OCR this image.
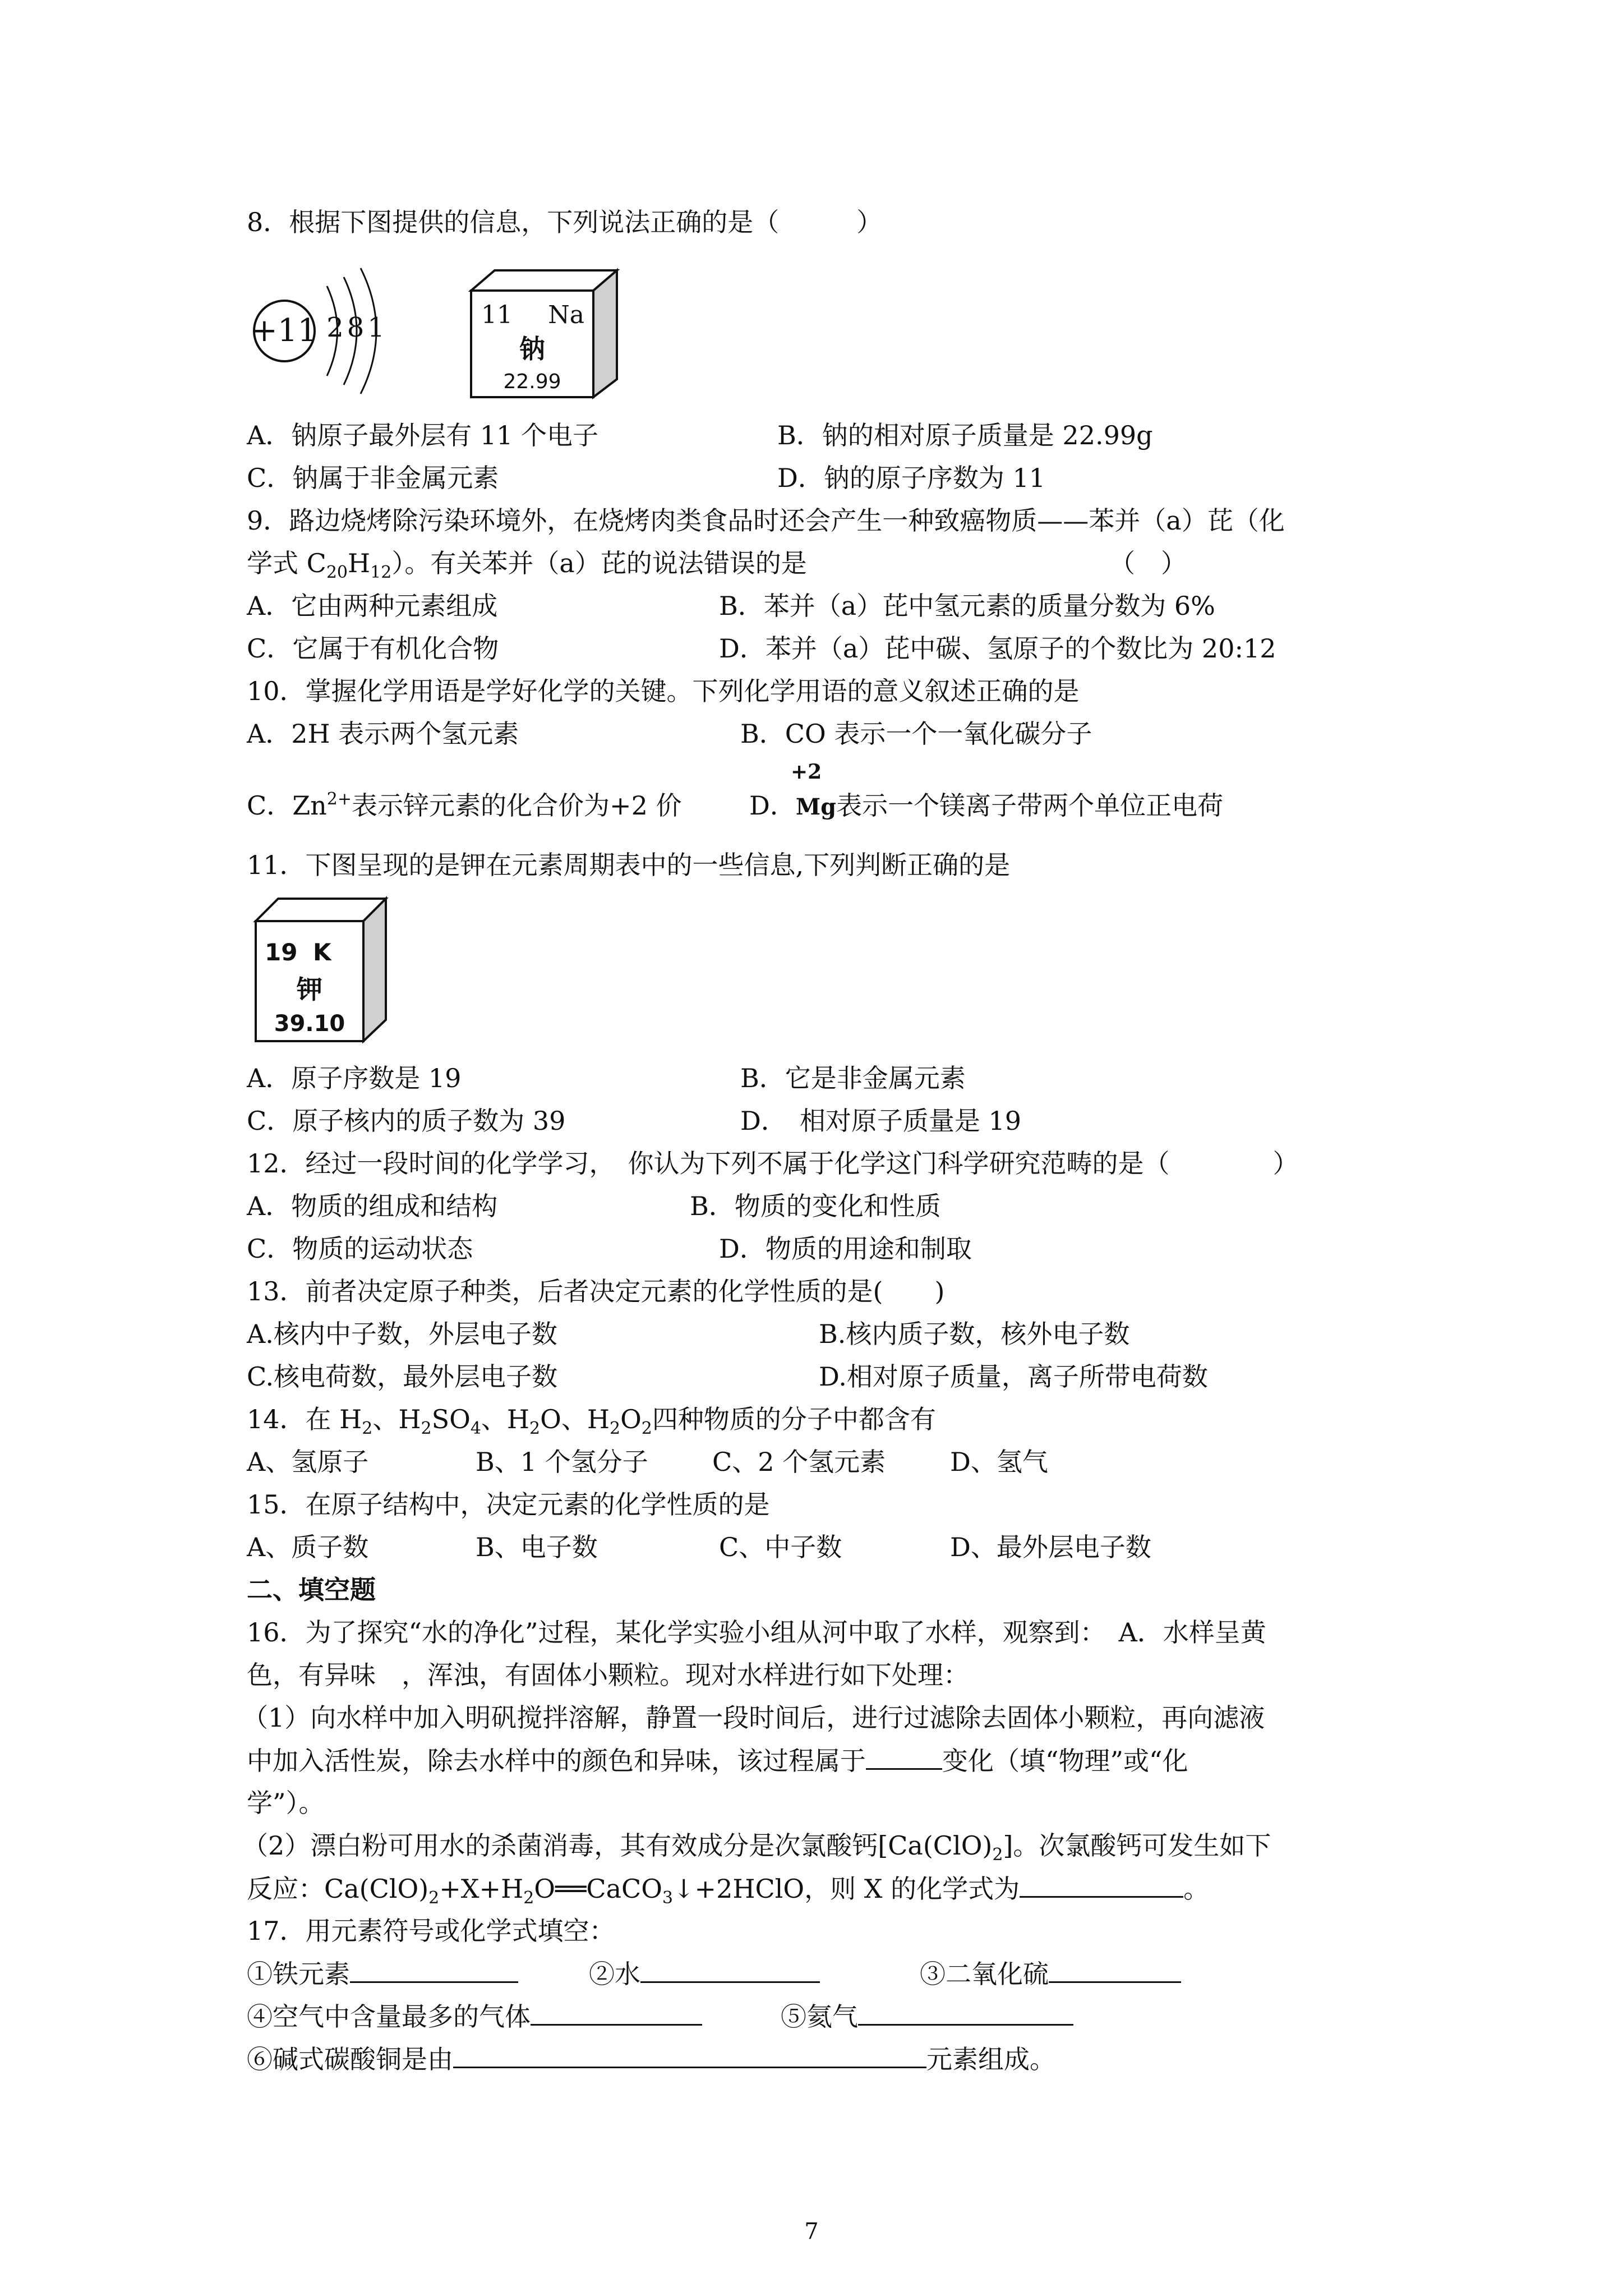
8．根据下图提供的信息，下列说法正确的是（　　　）
+11 281	11 Na
钠
22.99
A．钠原子最外层有 11 个电子	B．钠的相对原子质量是 22.99g
C．钠属于非金属元素	D．钠的原子序数为 11
9．路边烧烤除污染环境外，在烧烤肉类食品时还会产生一种致癌物质——苯并（a）芘（化
学式 $C_{20}H_{12}$）。有关苯并（a）芘的说法错误的是	（　）
A．它由两种元素组成	B．苯并（a）芘中氢元素的质量分数为 6%
C．它属于有机化合物	D．苯并（a）芘中碳、氢原子的个数比为 20:12
10．掌握化学用语是学好化学的关键。下列化学用语的意义叙述正确的是
A．2H 表示两个氢元素	B．CO 表示一个一氧化碳分子
C．$Zn^{2+}$表示锌元素的化合价为+2 价	D．Mg表示一个镁离子带两个单位正电荷
+2
11．下图呈现的是钾在元素周期表中的一些信息,下列判断正确的是
19 K
钾
39.10
A．原子序数是 19	B．它是非金属元素
C．原子核内的质子数为 39	D．　相对原子质量是 19
12．经过一段时间的化学学习，　你认为下列不属于化学这门科学研究范畴的是（　　　　）
A．物质的组成和结构	B．物质的变化和性质
C．物质的运动状态	D．物质的用途和制取
13．前者决定原子种类，后者决定元素的化学性质的是(　　)
A.核内中子数，外层电子数	B.核内质子数，核外电子数
C.核电荷数，最外层电子数	D.相对原子质量，离子所带电荷数
14．在 $H_2$、$H_2SO_4$、$H_2O$、$H_2O_2$四种物质的分子中都含有
A、氢原子	B、1 个氢分子 C、2 个氢元素 D、氢气
15．在原子结构中，决定元素的化学性质的是
A、质子数	B、电子数	C、中子数	D、最外层电子数
二、填空题
16．为了探究“水的净化”过程，某化学实验小组从河中取了水样，观察到：　A．水样呈黄
色，有异味　，浑浊，有固体小颗粒。现对水样进行如下处理：
（1）向水样中加入明矾搅拌溶解，静置一段时间后，进行过滤除去固体小颗粒，再向滤液
中加入活性炭，除去水样中的颜色和异味，该过程属于	变化（填“物理”或“化
学”）。
（2）漂白粉可用水的杀菌消毒，其有效成分是次氯酸钙$[Ca(ClO)_2]$。次氯酸钙可发生如下
反应：$Ca(ClO)_2+X+H_2O══CaCO_3↓+2HClO$，则 X 的化学式为	。
17．用元素符号或化学式填空：
①铁元素	②水	③二氧化硫
④空气中含量最多的气体	⑤氦气
⑥碱式碳酸铜是由	元素组成。
7
